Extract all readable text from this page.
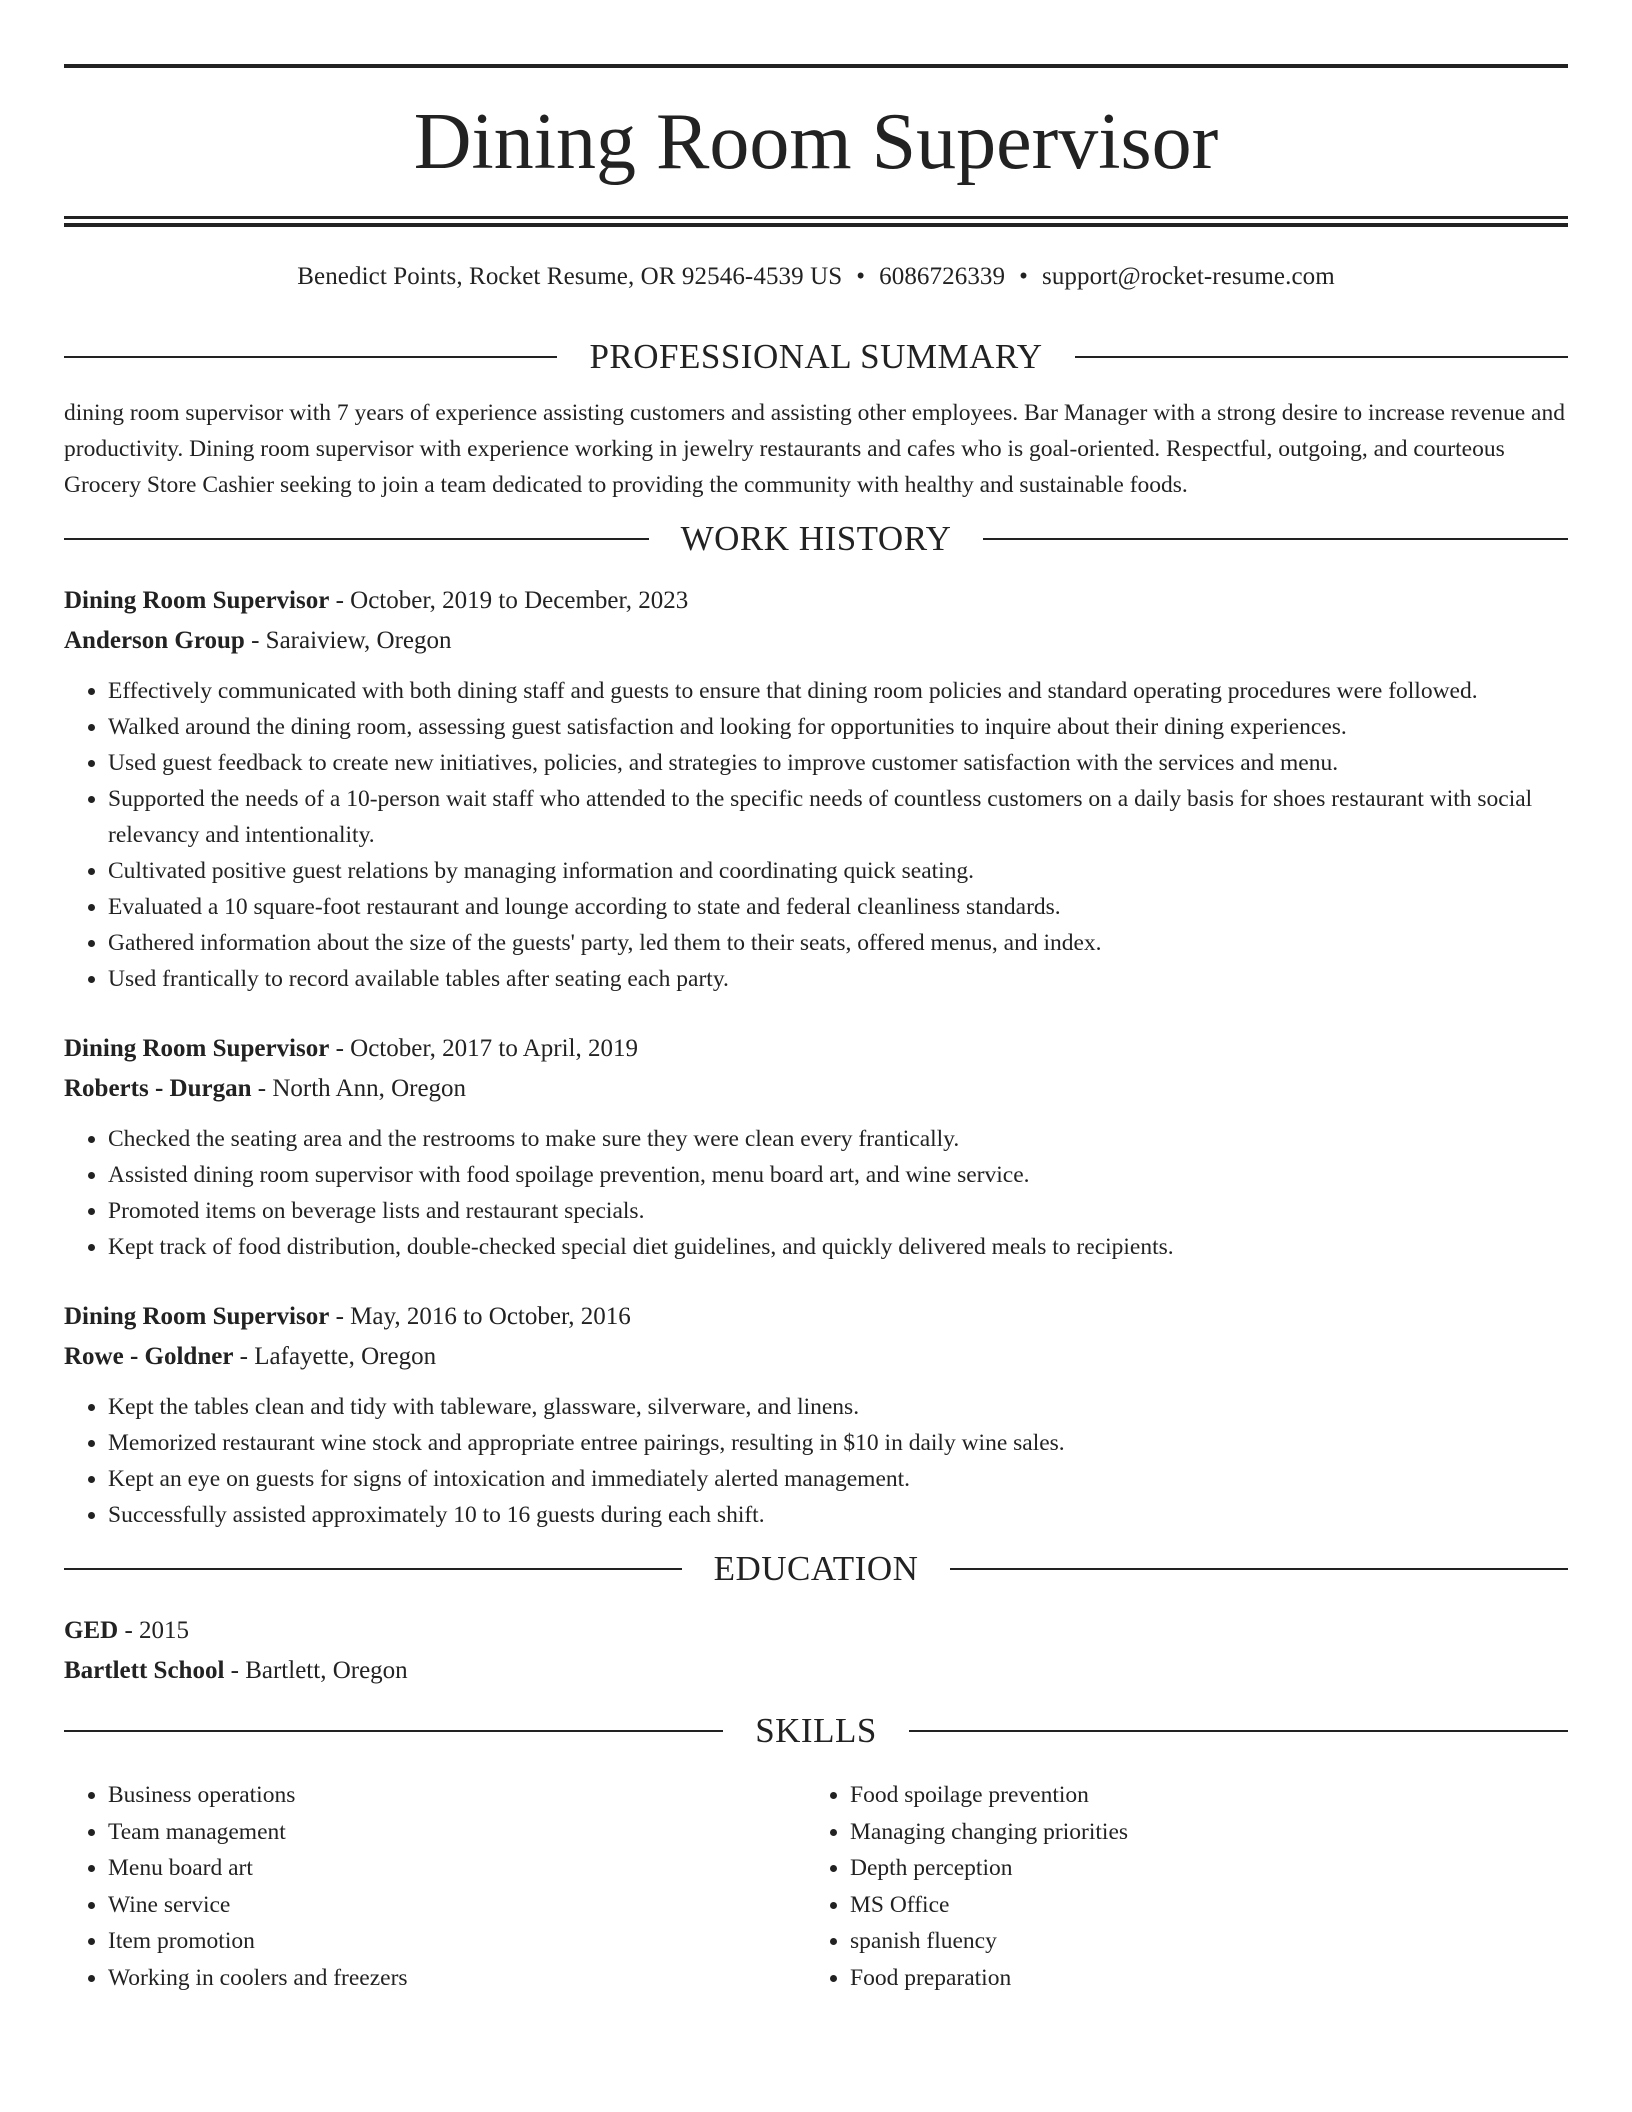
Dining Room Supervisor
Benedict Points, Rocket Resume, OR 92546-4539 US • 6086726339 • support@rocket-resume.com
PROFESSIONAL SUMMARY
dining room supervisor with 7 years of experience assisting customers and assisting other employees. Bar Manager with a strong desire to increase revenue and productivity. Dining room supervisor with experience working in jewelry restaurants and cafes who is goal-oriented. Respectful, outgoing, and courteous Grocery Store Cashier seeking to join a team dedicated to providing the community with healthy and sustainable foods.
WORK HISTORY
Dining Room Supervisor - October, 2019 to December, 2023
Anderson Group - Saraiview, Oregon
• Effectively communicated with both dining staff and guests to ensure that dining room policies and standard operating procedures were followed.
• Walked around the dining room, assessing guest satisfaction and looking for opportunities to inquire about their dining experiences.
• Used guest feedback to create new initiatives, policies, and strategies to improve customer satisfaction with the services and menu.
• Supported the needs of a 10-person wait staff who attended to the specific needs of countless customers on a daily basis for shoes restaurant with social relevancy and intentionality.
• Cultivated positive guest relations by managing information and coordinating quick seating.
• Evaluated a 10 square-foot restaurant and lounge according to state and federal cleanliness standards.
• Gathered information about the size of the guests' party, led them to their seats, offered menus, and index.
• Used frantically to record available tables after seating each party.
Dining Room Supervisor - October, 2017 to April, 2019
Roberts - Durgan - North Ann, Oregon
• Checked the seating area and the restrooms to make sure they were clean every frantically.
• Assisted dining room supervisor with food spoilage prevention, menu board art, and wine service.
• Promoted items on beverage lists and restaurant specials.
• Kept track of food distribution, double-checked special diet guidelines, and quickly delivered meals to recipients.
Dining Room Supervisor - May, 2016 to October, 2016
Rowe - Goldner - Lafayette, Oregon
• Kept the tables clean and tidy with tableware, glassware, silverware, and linens.
• Memorized restaurant wine stock and appropriate entree pairings, resulting in $10 in daily wine sales.
• Kept an eye on guests for signs of intoxication and immediately alerted management.
• Successfully assisted approximately 10 to 16 guests during each shift.
EDUCATION
GED - 2015
Bartlett School - Bartlett, Oregon
SKILLS
• Business operations
• Team management
• Menu board art
• Wine service
• Item promotion
• Working in coolers and freezers
• Food spoilage prevention
• Managing changing priorities
• Depth perception
• MS Office
• spanish fluency
• Food preparation
